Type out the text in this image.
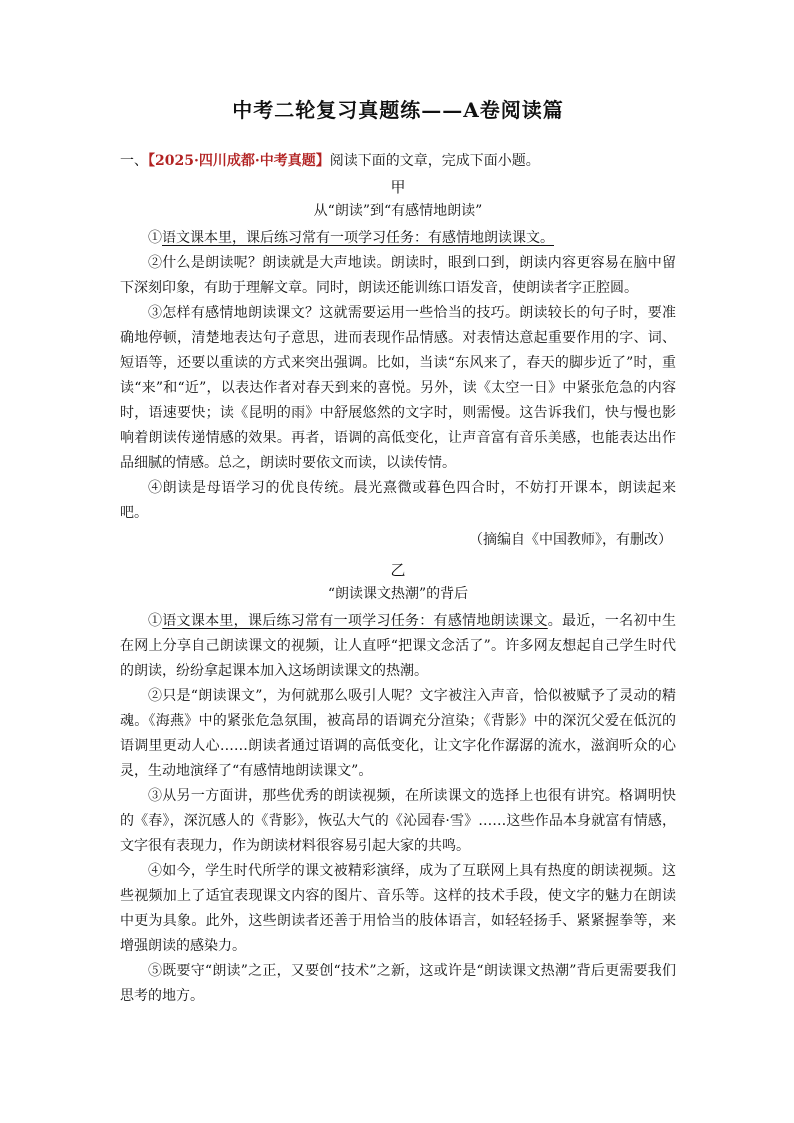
中考二轮复习真题练——A卷阅读篇

一、【2025·四川成都·中考真题】阅读下面的文章，完成下面小题。

甲
从“朗读”到“有感情地朗读”

①语文课本里，课后练习常有一项学习任务：有感情地朗读课文。

②什么是朗读呢？朗读就是大声地读。朗读时，眼到口到，朗读内容更容易在脑中留下深刻印象，有助于理解文章。同时，朗读还能训练口语发音，使朗读者字正腔圆。

③怎样有感情地朗读课文？这就需要运用一些恰当的技巧。朗读较长的句子时，要准确地停顿，清楚地表达句子意思，进而表现作品情感。对表情达意起重要作用的字、词、短语等，还要以重读的方式来突出强调。比如，当读“东风来了，春天的脚步近了”时，重读“来”和“近”，以表达作者对春天到来的喜悦。另外，读《太空一日》中紧张危急的内容时，语速要快；读《昆明的雨》中舒展悠然的文字时，则需慢。这告诉我们，快与慢也影响着朗读传递情感的效果。再者，语调的高低变化，让声音富有音乐美感，也能表达出作品细腻的情感。总之，朗读时要依文而读，以读传情。

④朗读是母语学习的优良传统。晨光熹微或暮色四合时，不妨打开课本，朗读起来吧。

（摘编自《中国教师》，有删改）
乙
“朗读课文热潮”的背后

①语文课本里，课后练习常有一项学习任务：有感情地朗读课文。最近，一名初中生在网上分享自己朗读课文的视频，让人直呼“把课文念活了”。许多网友想起自己学生时代的朗读，纷纷拿起课本加入这场朗读课文的热潮。

②只是“朗读课文”，为何就那么吸引人呢？文字被注入声音，恰似被赋予了灵动的精魂。《海燕》中的紧张危急氛围，被高昂的语调充分渲染；《背影》中的深沉父爱在低沉的语调里更动人心……朗读者通过语调的高低变化，让文字化作潺潺的流水，滋润听众的心灵，生动地演绎了“有感情地朗读课文”。

③从另一方面讲，那些优秀的朗读视频，在所读课文的选择上也很有讲究。格调明快的《春》，深沉感人的《背影》，恢弘大气的《沁园春·雪》……这些作品本身就富有情感，文字很有表现力，作为朗读材料很容易引起大家的共鸣。

④如今，学生时代所学的课文被精彩演绎，成为了互联网上具有热度的朗读视频。这些视频加上了适宜表现课文内容的图片、音乐等。这样的技术手段，使文字的魅力在朗读中更为具象。此外，这些朗读者还善于用恰当的肢体语言，如轻轻扬手、紧紧握拳等，来增强朗读的感染力。

⑤既要守“朗读”之正，又要创“技术”之新，这或许是“朗读课文热潮”背后更需要我们思考的地方。
